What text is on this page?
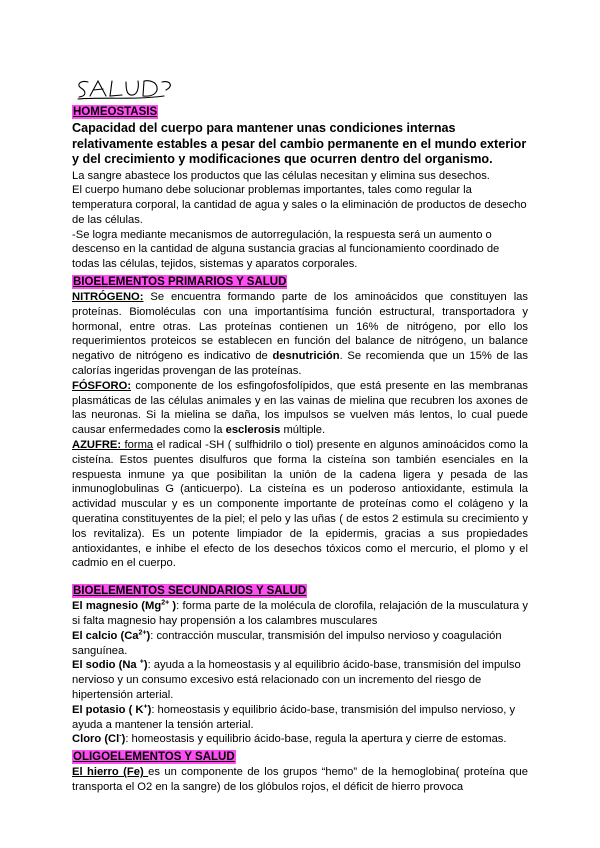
HOMEOSTASIS
Capacidad del cuerpo para mantener unas condiciones internas relativamente estables a pesar del cambio permanente en el mundo exterior y del crecimiento y modificaciones que ocurren dentro del organismo.

La sangre abastece los productos que las células necesitan y elimina sus desechos.

El cuerpo humano debe solucionar problemas importantes, tales como regular la temperatura corporal, la cantidad de agua y sales o la eliminación de productos de desecho de las células.

-Se logra mediante mecanismos de autorregulación, la respuesta será un aumento o descenso en la cantidad de alguna sustancia gracias al funcionamiento coordinado de todas las células, tejidos, sistemas y aparatos corporales.

BIOELEMENTOS PRIMARIOS Y SALUD

NITRÓGENO: Se encuentra formando parte de los aminoácidos que constituyen las proteínas. Biomoléculas con una importantísima función estructural, transportadora y hormonal, entre otras. Las proteínas contienen un 16% de nitrógeno, por ello los requerimientos proteicos se establecen en función del balance de nitrógeno, un balance negativo de nitrógeno es indicativo de desnutrición. Se recomienda que un 15% de las calorías ingeridas provengan de las proteínas.

FÓSFORO: componente de los esfingofosfolípidos, que está presente en las membranas plasmáticas de las células animales y en las vainas de mielina que recubren los axones de las neuronas. Si la mielina se daña, los impulsos se vuelven más lentos, lo cual puede causar enfermedades como la esclerosis múltiple.

AZUFRE: forma el radical -SH ( sulfhidrilo o tiol) presente en algunos aminoácidos como la cisteína. Estos puentes disulfuros que forma la cisteína son también esenciales en la respuesta inmune ya que posibilitan la unión de la cadena ligera y pesada de las inmunoglobulinas G (anticuerpo). La cisteína es un poderoso antioxidante, estimula la actividad muscular y es un componente importante de proteínas como el colágeno y la queratina constituyentes de la piel; el pelo y las uñas ( de estos 2 estimula su crecimiento y los revitaliza). Es un potente limpiador de la epidermis, gracias a sus propiedades antioxidantes, e inhibe el efecto de los desechos tóxicos como el mercurio, el plomo y el cadmio en el cuerpo.

BIOELEMENTOS SECUNDARIOS Y SALUD

El magnesio ($Mg^{2+}$ ): forma parte de la molécula de clorofila, relajación de la musculatura y si falta magnesio hay propensión a los calambres musculares

El calcio $(Ca^{2+})$: contracción muscular, transmisión del impulso nervioso y coagulación sanguínea.

El sodio (Na +): ayuda a la homeostasis y al equilibrio ácido-base, transmisión del impulso nervioso y un consumo excesivo está relacionado con un incremento del riesgo de hipertensión arterial.

El potasio ( K+): homeostasis y equilibrio ácido-base, transmisión del impulso nervioso, y ayuda a mantener la tensión arterial.

Cloro (Cl-): homeostasis y equilibrio ácido-base, regula la apertura y cierre de estomas.

OLIGOELEMENTOS Y SALUD

El hierro (Fe) es un componente de los grupos “hemo” de la hemoglobina( proteína que transporta el O2 en la sangre) de los glóbulos rojos, el déficit de hierro provoca
